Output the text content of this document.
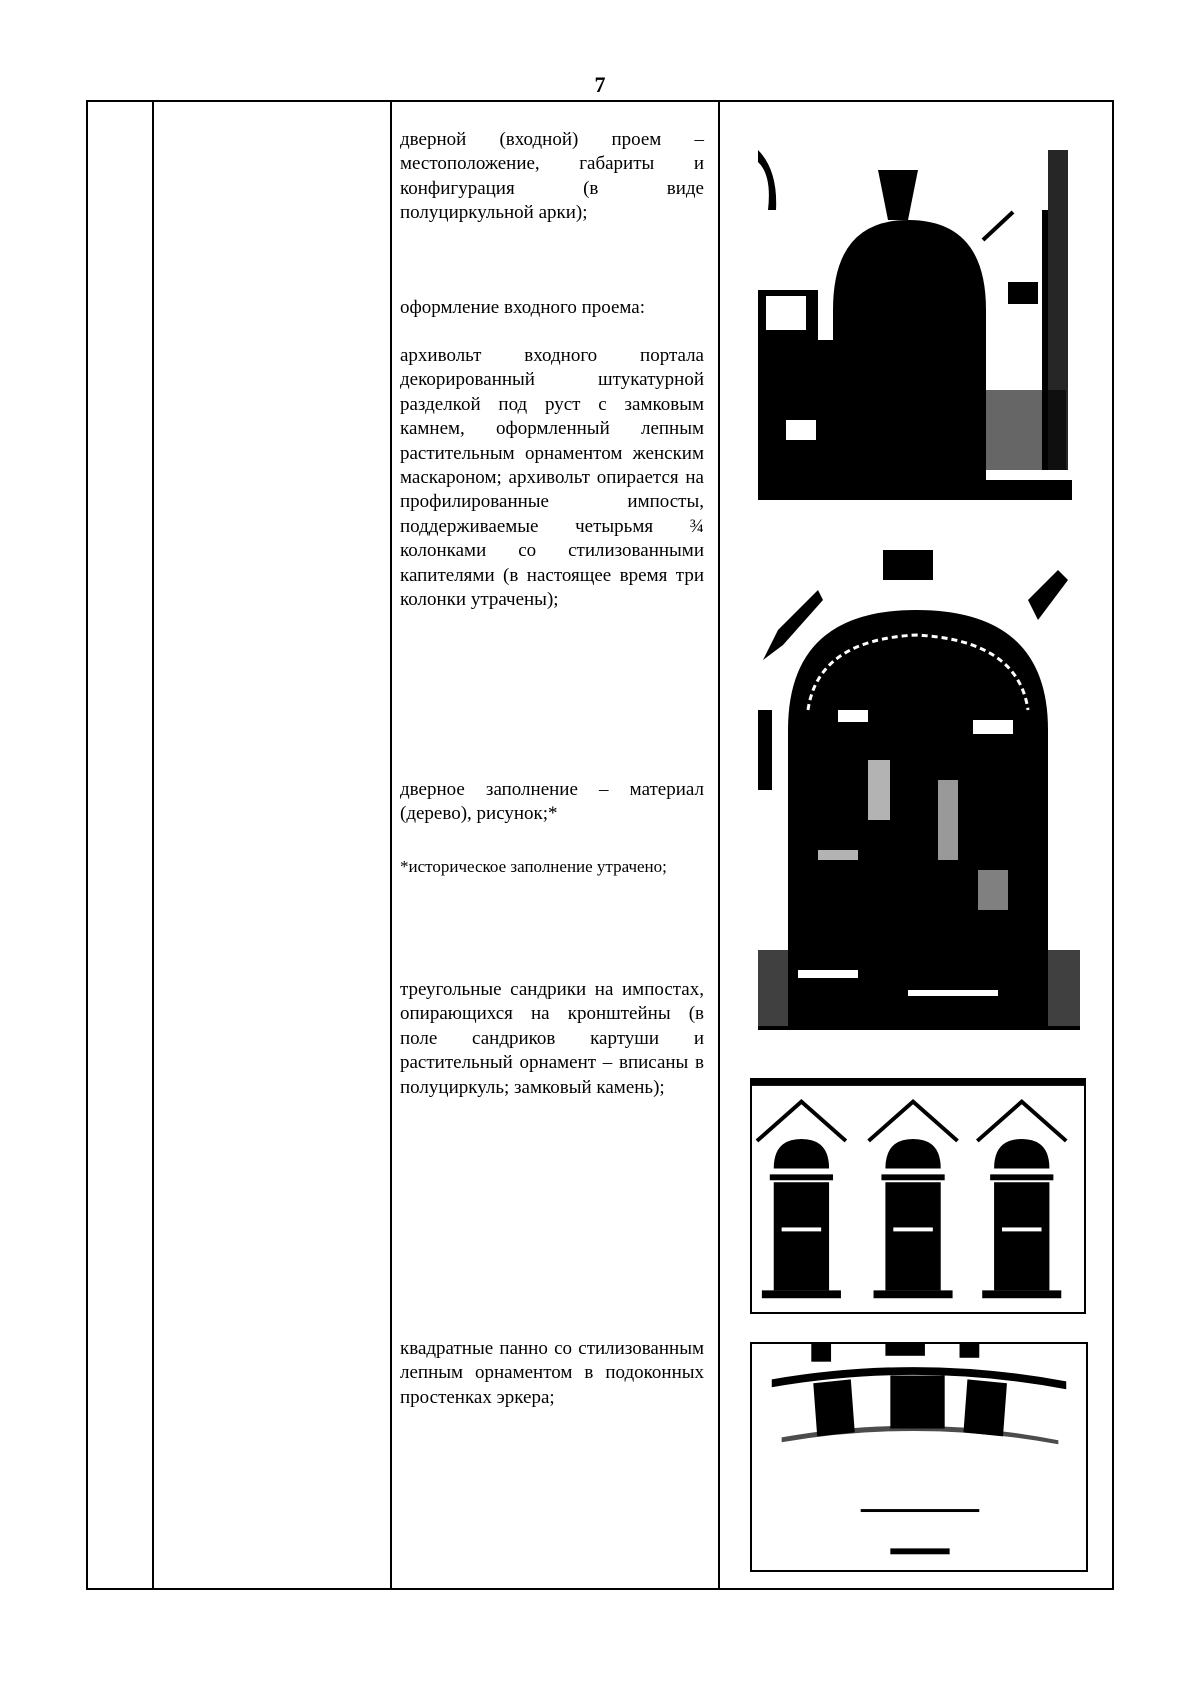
7
дверной (входной) проем – местоположение, габариты и конфигурация (в виде полуциркульной арки);
оформление входного проема:
архивольт входного портала декорированный штукатурной разделкой под руст с замковым камнем, оформленный лепным растительным орнаментом женским маскароном; архивольт опирается на профилированные импосты, поддерживаемые четырьмя ¾ колонками со стилизованными капителями (в настоящее время три колонки утрачены);
дверное заполнение – материал (дерево), рисунок;*
*историческое заполнение утрачено;
треугольные сандрики на импостах, опирающихся на кронштейны (в поле сандриков картуши и растительный орнамент – вписаны в полуциркуль; замковый камень);
квадратные панно со стилизованным лепным орнаментом в подоконных простенках эркера;
